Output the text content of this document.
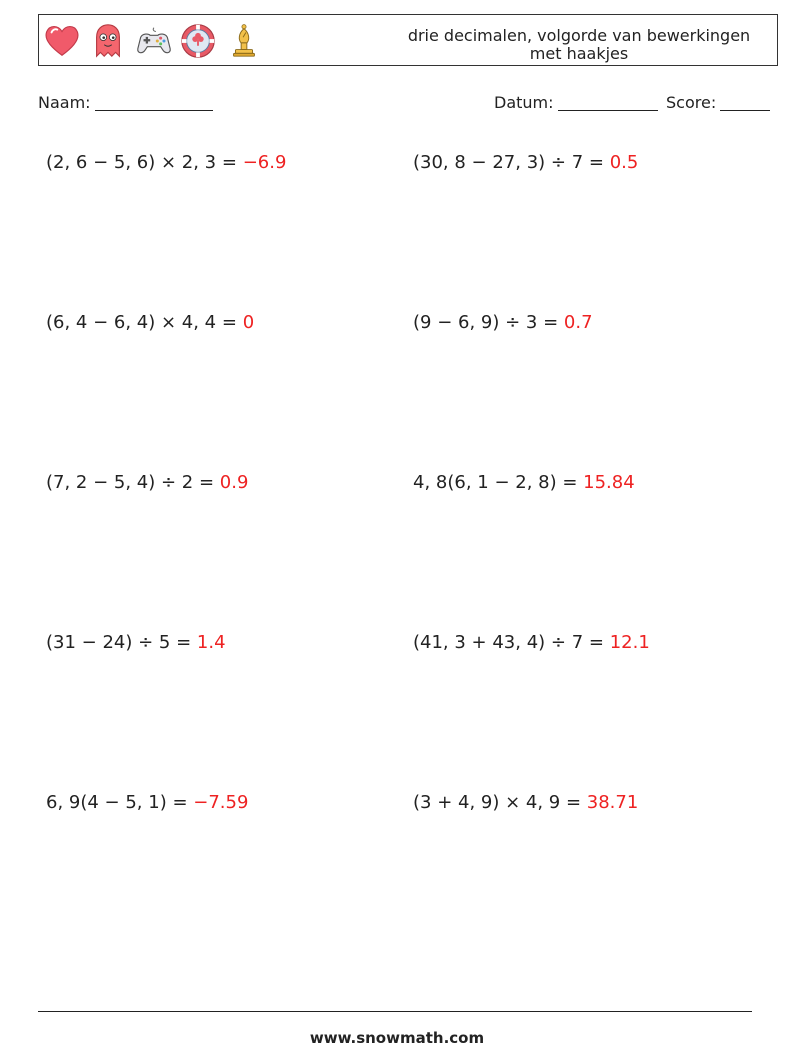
drie decimalen, volgorde van bewerkingen
met haakjes
Naam:	Datum:	Score:
(2, 6 − 5, 6) × 2, 3 = −6.9	(30, 8 − 27, 3) ÷ 7 = 0.5
(6, 4 − 6, 4) × 4, 4 = 0	(9 − 6, 9) ÷ 3 = 0.7
(7, 2 − 5, 4) ÷ 2 = 0.9	4, 8(6, 1 − 2, 8) = 15.84
(31 − 24) ÷ 5 = 1.4	(41, 3 + 43, 4) ÷ 7 = 12.1
6, 9(4 − 5, 1) = −7.59	(3 + 4, 9) × 4, 9 = 38.71
www.snowmath.com
